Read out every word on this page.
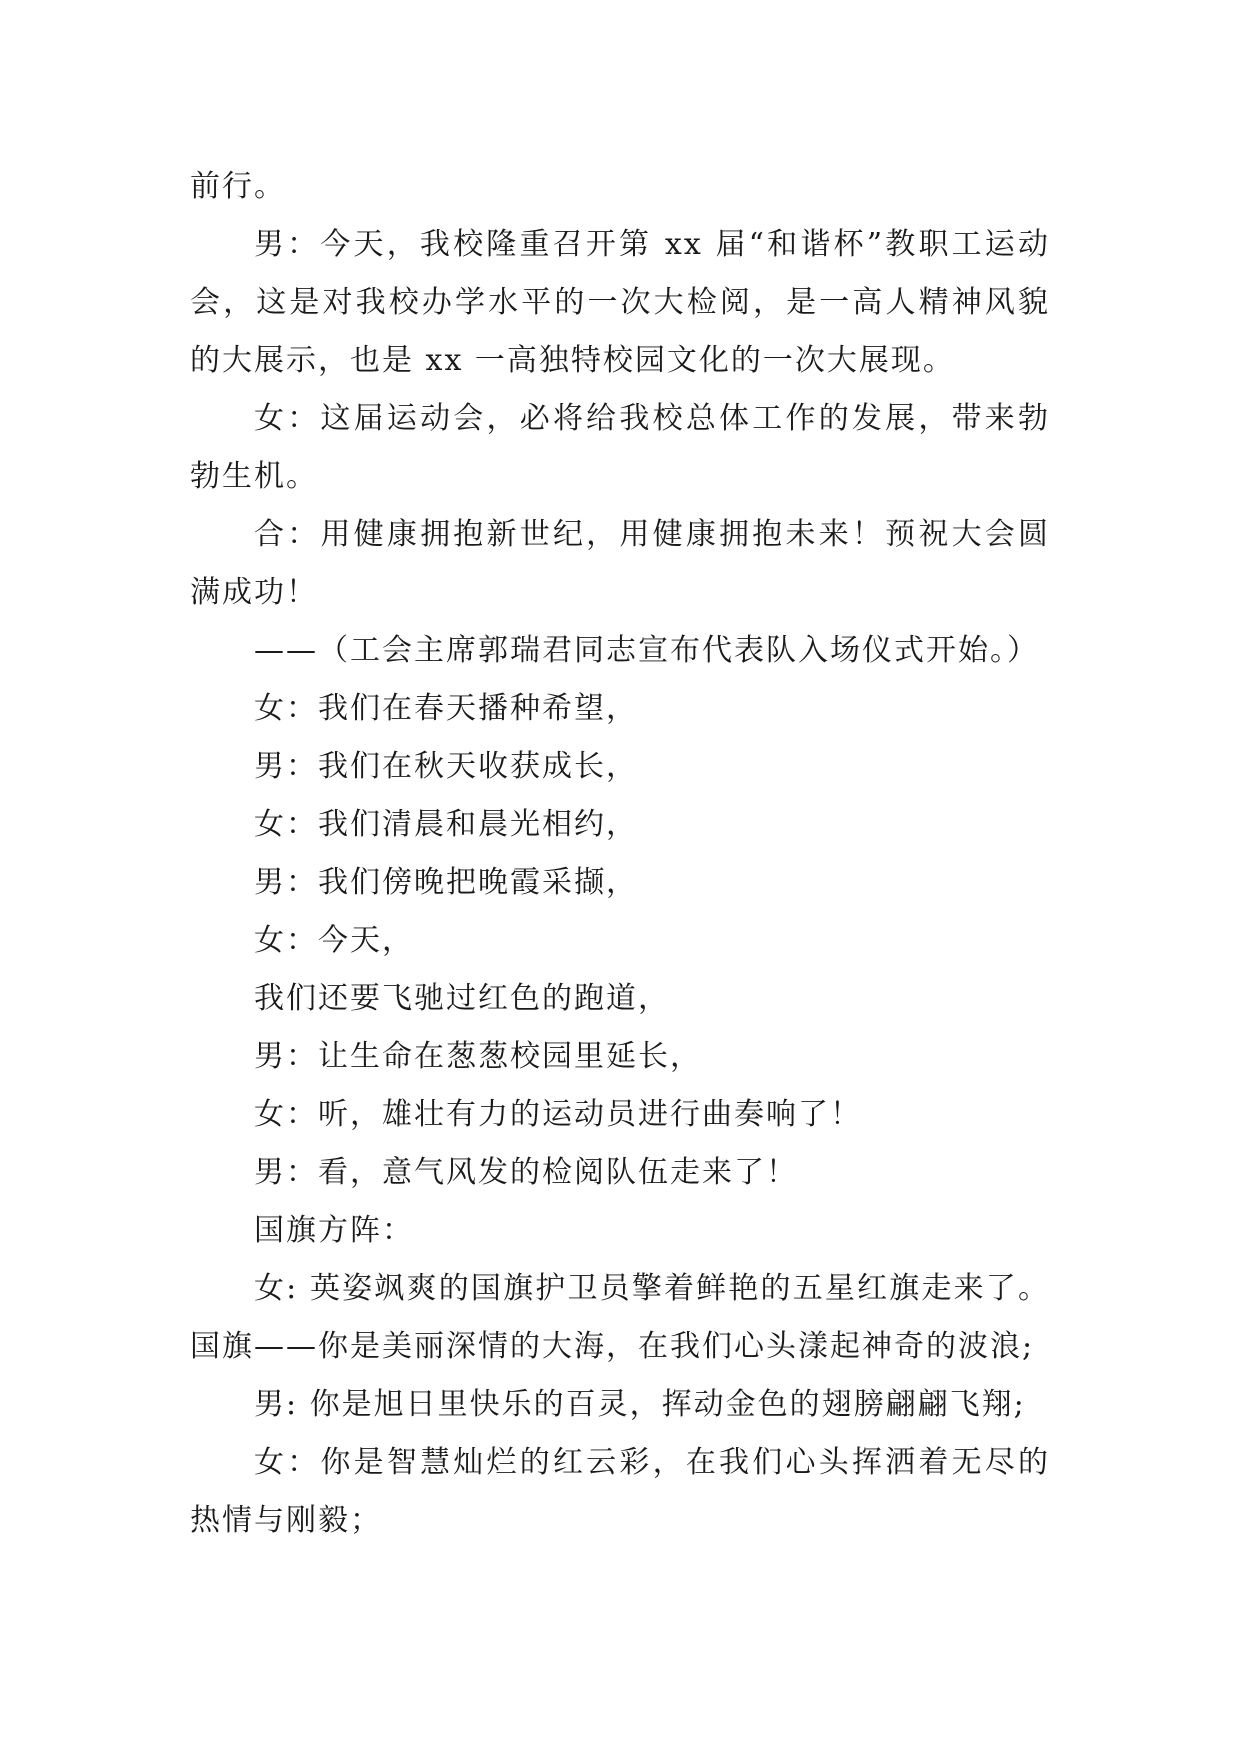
前行。

男：今天，我校隆重召开第 xx 届“和谐杯”教职工运动会，这是对我校办学水平的一次大检阅，是一高人精神风貌的大展示，也是 xx 一高独特校园文化的一次大展现。

女：这届运动会，必将给我校总体工作的发展，带来勃勃生机。

合：用健康拥抱新世纪，用健康拥抱未来！预祝大会圆满成功！

——（工会主席郭瑞君同志宣布代表队入场仪式开始。）

女：我们在春天播种希望，

男：我们在秋天收获成长，

女：我们清晨和晨光相约，

男：我们傍晚把晚霞采撷，

女：今天，

我们还要飞驰过红色的跑道，

男：让生命在葱葱校园里延长，

女：听，雄壮有力的运动员进行曲奏响了！

男：看，意气风发的检阅队伍走来了！

国旗方阵：

女: 英姿飒爽的国旗护卫员擎着鲜艳的五星红旗走来了。国旗——你是美丽深情的大海，在我们心头漾起神奇的波浪;

男: 你是旭日里快乐的百灵，挥动金色的翅膀翩翩飞翔;

女：你是智慧灿烂的红云彩，在我们心头挥洒着无尽的热情与刚毅；
